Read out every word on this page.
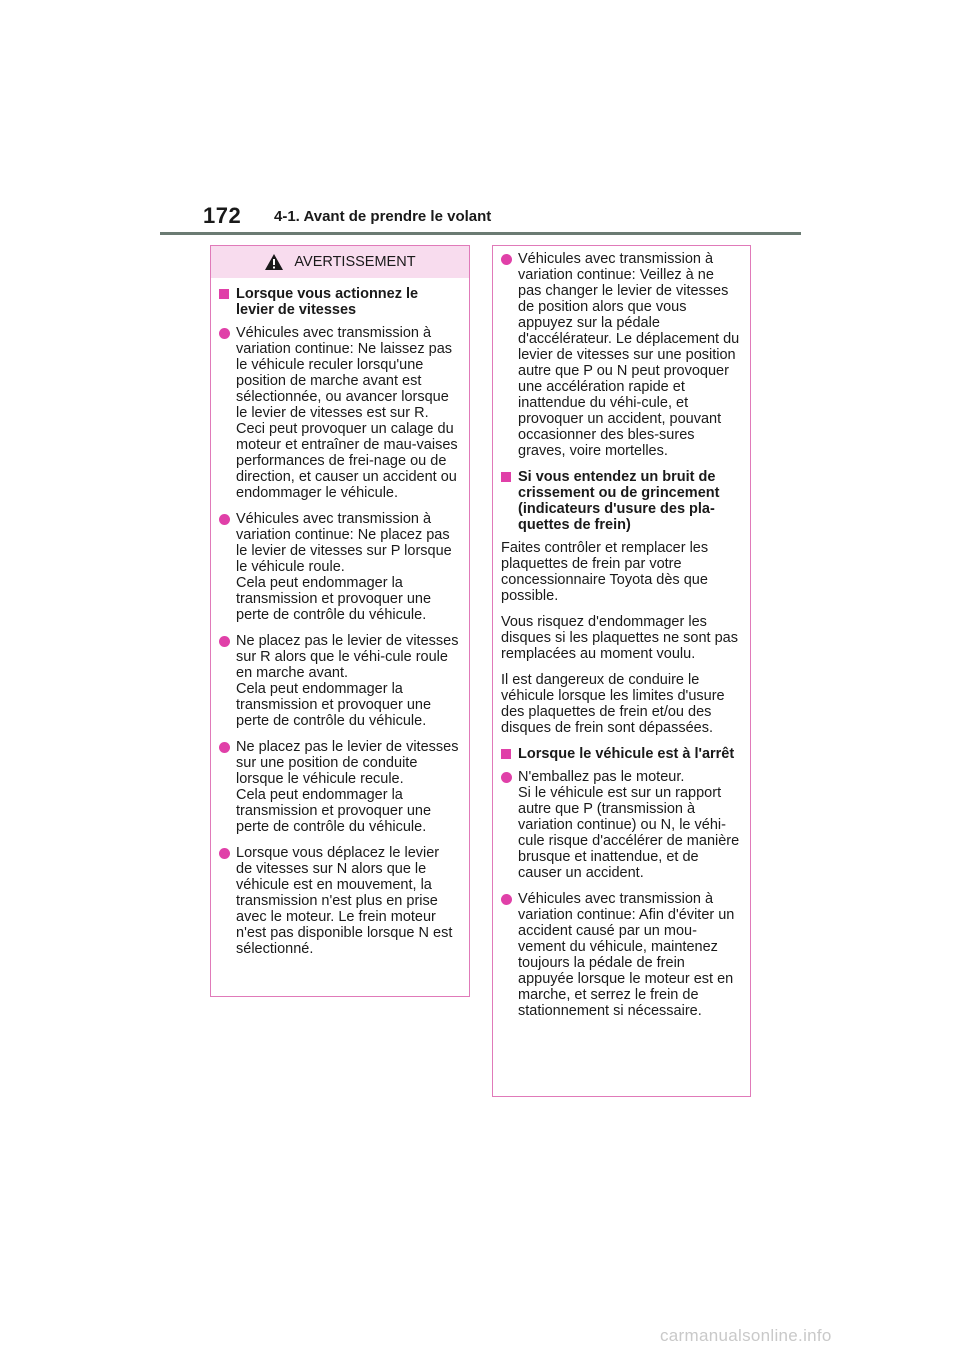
172 4-1. Avant de prendre le volant
AVERTISSEMENT
Lorsque vous actionnez le levier de vitesses
Véhicules avec transmission à variation continue: Ne laissez pas le véhicule reculer lorsqu'une position de marche avant est sélectionnée, ou avancer lorsque le levier de vitesses est sur R.
Ceci peut provoquer un calage du moteur et entraîner de mau-vaises performances de frei-nage ou de direction, et causer un accident ou endommager le véhicule.
Véhicules avec transmission à variation continue: Ne placez pas le levier de vitesses sur P lorsque le véhicule roule.
Cela peut endommager la transmission et provoquer une perte de contrôle du véhicule.
Ne placez pas le levier de vitesses sur R alors que le véhi-cule roule en marche avant.
Cela peut endommager la transmission et provoquer une perte de contrôle du véhicule.
Ne placez pas le levier de vitesses sur une position de conduite lorsque le véhicule recule.
Cela peut endommager la transmission et provoquer une perte de contrôle du véhicule.
Lorsque vous déplacez le levier de vitesses sur N alors que le véhicule est en mouvement, la transmission n'est plus en prise avec le moteur. Le frein moteur n'est pas disponible lorsque N est sélectionné.
Véhicules avec transmission à variation continue: Veillez à ne pas changer le levier de vitesses de position alors que vous appuyez sur la pédale d'accélérateur. Le déplacement du levier de vitesses sur une position autre que P ou N peut provoquer une accélération rapide et inattendue du véhi-cule, et provoquer un accident, pouvant occasionner des bles-sures graves, voire mortelles.
Si vous entendez un bruit de crissement ou de grincement (indicateurs d'usure des pla-quettes de frein)
Faites contrôler et remplacer les plaquettes de frein par votre concessionnaire Toyota dès que possible.
Vous risquez d'endommager les disques si les plaquettes ne sont pas remplacées au moment voulu.
Il est dangereux de conduire le véhicule lorsque les limites d'usure des plaquettes de frein et/ou des disques de frein sont dépassées.
Lorsque le véhicule est à l'arrêt
N'emballez pas le moteur.
Si le véhicule est sur un rapport autre que P (transmission à variation continue) ou N, le véhi-cule risque d'accélérer de manière brusque et inattendue, et de causer un accident.
Véhicules avec transmission à variation continue: Afin d'éviter un accident causé par un mou-vement du véhicule, maintenez toujours la pédale de frein appuyée lorsque le moteur est en marche, et serrez le frein de stationnement si nécessaire.
carmanualsonline.info
